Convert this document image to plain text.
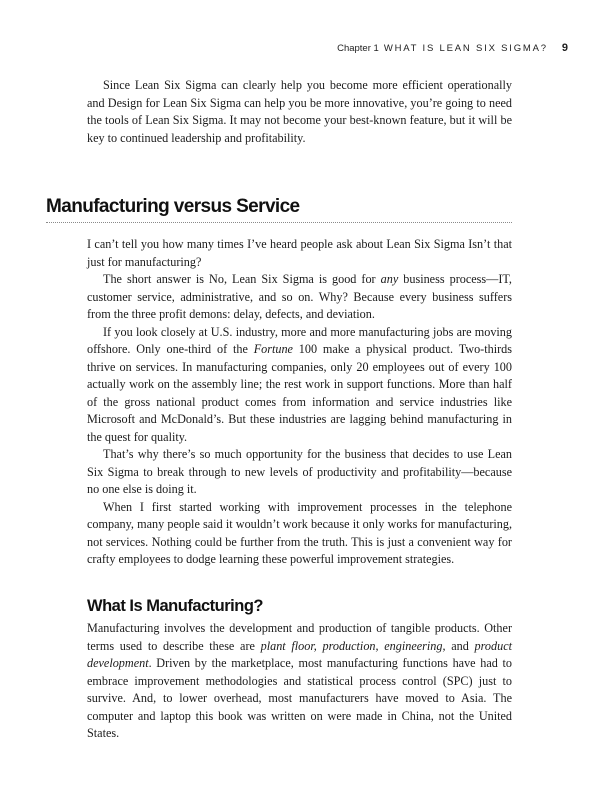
Chapter 1 WHAT IS LEAN SIX SIGMA? 9

Since Lean Six Sigma can clearly help you become more efficient operationally and Design for Lean Six Sigma can help you be more innovative, you’re going to need the tools of Lean Six Sigma. It may not become your best-known feature, but it will be key to continued leadership and profitability.

Manufacturing versus Service

I can’t tell you how many times I’ve heard people ask about Lean Six Sigma Isn’t that just for manufacturing?

The short answer is No, Lean Six Sigma is good for any business process—IT, customer service, administrative, and so on. Why? Because every business suffers from the three profit demons: delay, defects, and deviation.

If you look closely at U.S. industry, more and more manufacturing jobs are moving offshore. Only one-third of the Fortune 100 make a physical product. Two-thirds thrive on services. In manufacturing companies, only 20 employees out of every 100 actually work on the assembly line; the rest work in support functions. More than half of the gross national product comes from information and service industries like Microsoft and McDonald’s. But these industries are lagging behind manufacturing in the quest for quality.

That’s why there’s so much opportunity for the business that decides to use Lean Six Sigma to break through to new levels of productivity and profitability—because no one else is doing it.

When I first started working with improvement processes in the telephone company, many people said it wouldn’t work because it only works for manufacturing, not services. Nothing could be further from the truth. This is just a convenient way for crafty employees to dodge learning these powerful improvement strategies.

What Is Manufacturing?

Manufacturing involves the development and production of tangible products. Other terms used to describe these are plant floor, production, engineering, and product development. Driven by the marketplace, most manufacturing functions have had to embrace improvement methodologies and statistical process control (SPC) just to survive. And, to lower overhead, most manufacturers have moved to Asia. The computer and laptop this book was written on were made in China, not the United States.
